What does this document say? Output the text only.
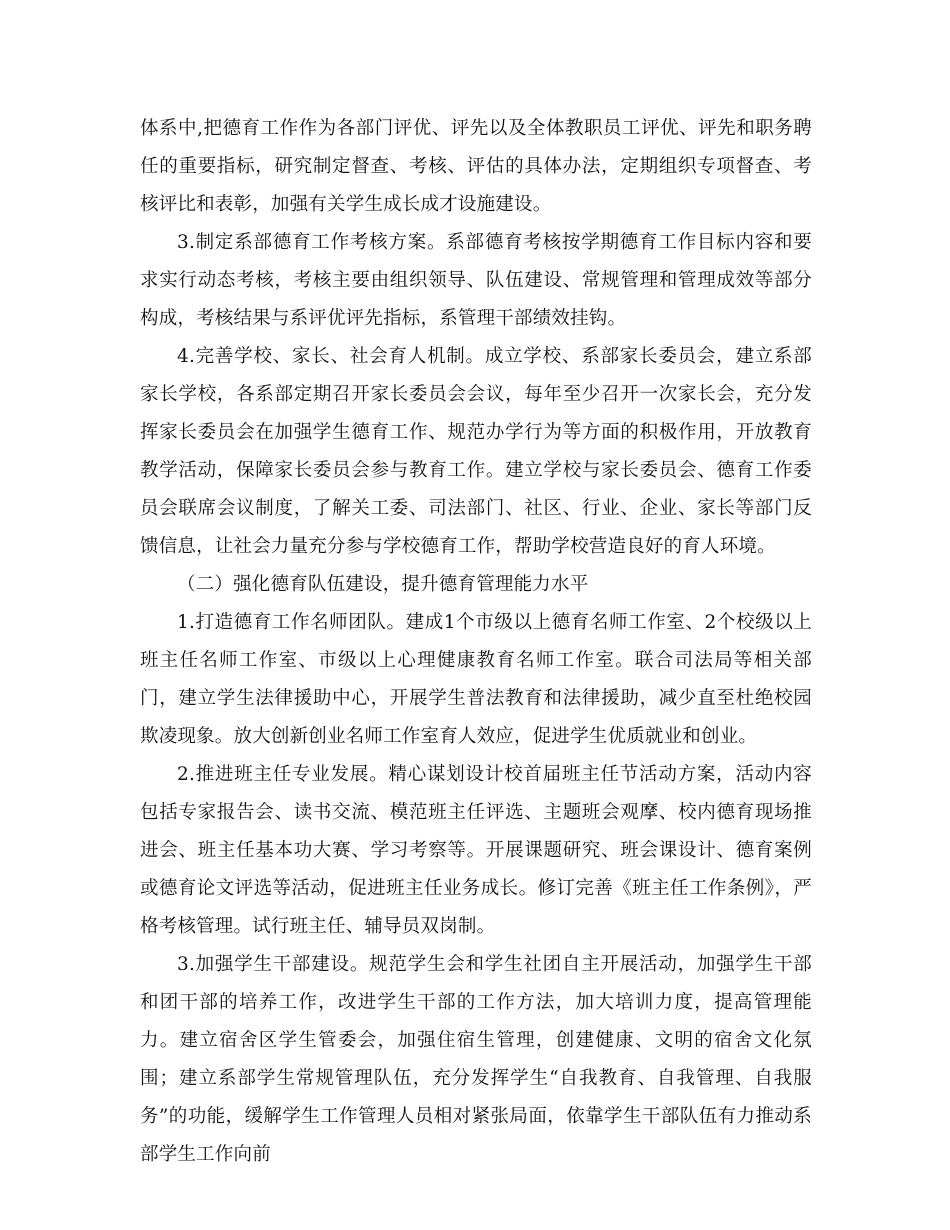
体系中,把德育工作作为各部门评优、评先以及全体教职员工评优、评先和职务聘任的重要指标，研究制定督查、考核、评估的具体办法，定期组织专项督查、考核评比和表彰，加强有关学生成长成才设施建设。

3.制定系部德育工作考核方案。系部德育考核按学期德育工作目标内容和要求实行动态考核，考核主要由组织领导、队伍建设、常规管理和管理成效等部分构成，考核结果与系评优评先指标，系管理干部绩效挂钩。

4.完善学校、家长、社会育人机制。成立学校、系部家长委员会，建立系部家长学校，各系部定期召开家长委员会会议，每年至少召开一次家长会，充分发挥家长委员会在加强学生德育工作、规范办学行为等方面的积极作用，开放教育教学活动，保障家长委员会参与教育工作。建立学校与家长委员会、德育工作委员会联席会议制度，了解关工委、司法部门、社区、行业、企业、家长等部门反馈信息，让社会力量充分参与学校德育工作，帮助学校营造良好的育人环境。

（二）强化德育队伍建设，提升德育管理能力水平

1.打造德育工作名师团队。建成1个市级以上德育名师工作室、2个校级以上班主任名师工作室、市级以上心理健康教育名师工作室。联合司法局等相关部门，建立学生法律援助中心，开展学生普法教育和法律援助，减少直至杜绝校园欺凌现象。放大创新创业名师工作室育人效应，促进学生优质就业和创业。

2.推进班主任专业发展。精心谋划设计校首届班主任节活动方案，活动内容包括专家报告会、读书交流、模范班主任评选、主题班会观摩、校内德育现场推进会、班主任基本功大赛、学习考察等。开展课题研究、班会课设计、德育案例或德育论文评选等活动，促进班主任业务成长。修订完善《班主任工作条例》，严格考核管理。试行班主任、辅导员双岗制。

3.加强学生干部建设。规范学生会和学生社团自主开展活动，加强学生干部和团干部的培养工作，改进学生干部的工作方法，加大培训力度，提高管理能力。建立宿舍区学生管委会，加强住宿生管理，创建健康、文明的宿舍文化氛围；建立系部学生常规管理队伍，充分发挥学生“自我教育、自我管理、自我服务”的功能，缓解学生工作管理人员相对紧张局面，依靠学生干部队伍有力推动系部学生工作向前
